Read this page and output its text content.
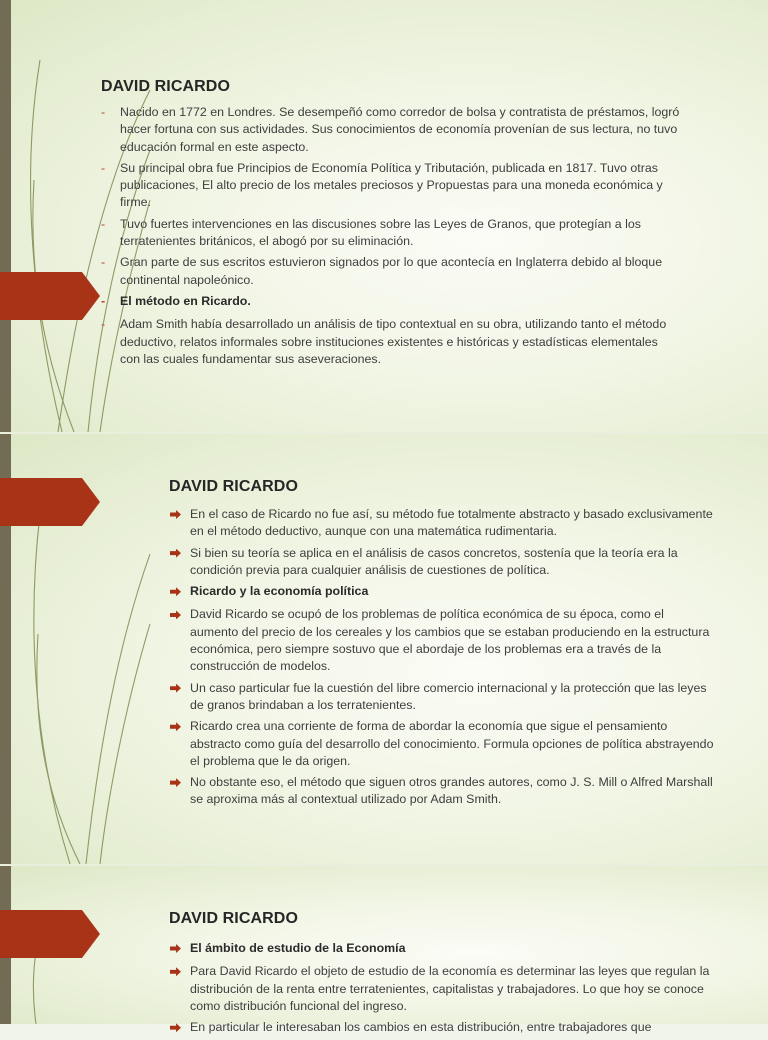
DAVID RICARDO
- Nacido en 1772 en Londres. Se desempeñó como corredor de bolsa y contratista de préstamos, logró hacer fortuna con sus actividades. Sus conocimientos de economía provenían de sus lectura, no tuvo educación formal en este aspecto.
- Su principal obra fue Principios de Economía Política y Tributación, publicada en 1817. Tuvo otras publicaciones, El alto precio de los metales preciosos y Propuestas para una moneda económica y firme.
- Tuvo fuertes intervenciones en las discusiones sobre las Leyes de Granos, que protegían a los terratenientes británicos, el abogó por su eliminación.
- Gran parte de sus escritos estuvieron signados por lo que acontecía en Inglaterra debido al bloque continental napoleónico.
- El método en Ricardo.
- Adam Smith había desarrollado un análisis de tipo contextual en su obra, utilizando tanto el método deductivo, relatos informales sobre instituciones existentes e históricas y estadísticas elementales con las cuales fundamentar sus aseveraciones.
DAVID RICARDO
En el caso de Ricardo no fue así, su método fue totalmente abstracto y basado exclusivamente en el método deductivo, aunque con una matemática rudimentaria.
Si bien su teoría se aplica en el análisis de casos concretos, sostenía que la teoría era la condición previa para cualquier análisis de cuestiones de política.
Ricardo y la economía política
David Ricardo se ocupó de los problemas de política económica de su época, como el aumento del precio de los cereales y los cambios que se estaban produciendo en la estructura económica, pero siempre sostuvo que el abordaje de los problemas era a través de la construcción de modelos.
Un caso particular fue la cuestión del libre comercio internacional y la protección que las leyes de granos brindaban a los terratenientes.
Ricardo crea una corriente de forma de abordar la economía que sigue el pensamiento abstracto como guía del desarrollo del conocimiento. Formula opciones de política abstrayendo el problema que le da origen.
No obstante eso, el método que siguen otros grandes autores, como J. S. Mill o Alfred Marshall se aproxima más al contextual utilizado por Adam Smith.
DAVID RICARDO
El ámbito de estudio de la Economía
Para David Ricardo el objeto de estudio de la economía es determinar las leyes que regulan la distribución de la renta entre terratenientes, capitalistas y trabajadores. Lo que hoy se conoce como distribución funcional del ingreso.
En particular le interesaban los cambios en esta distribución, entre trabajadores que
